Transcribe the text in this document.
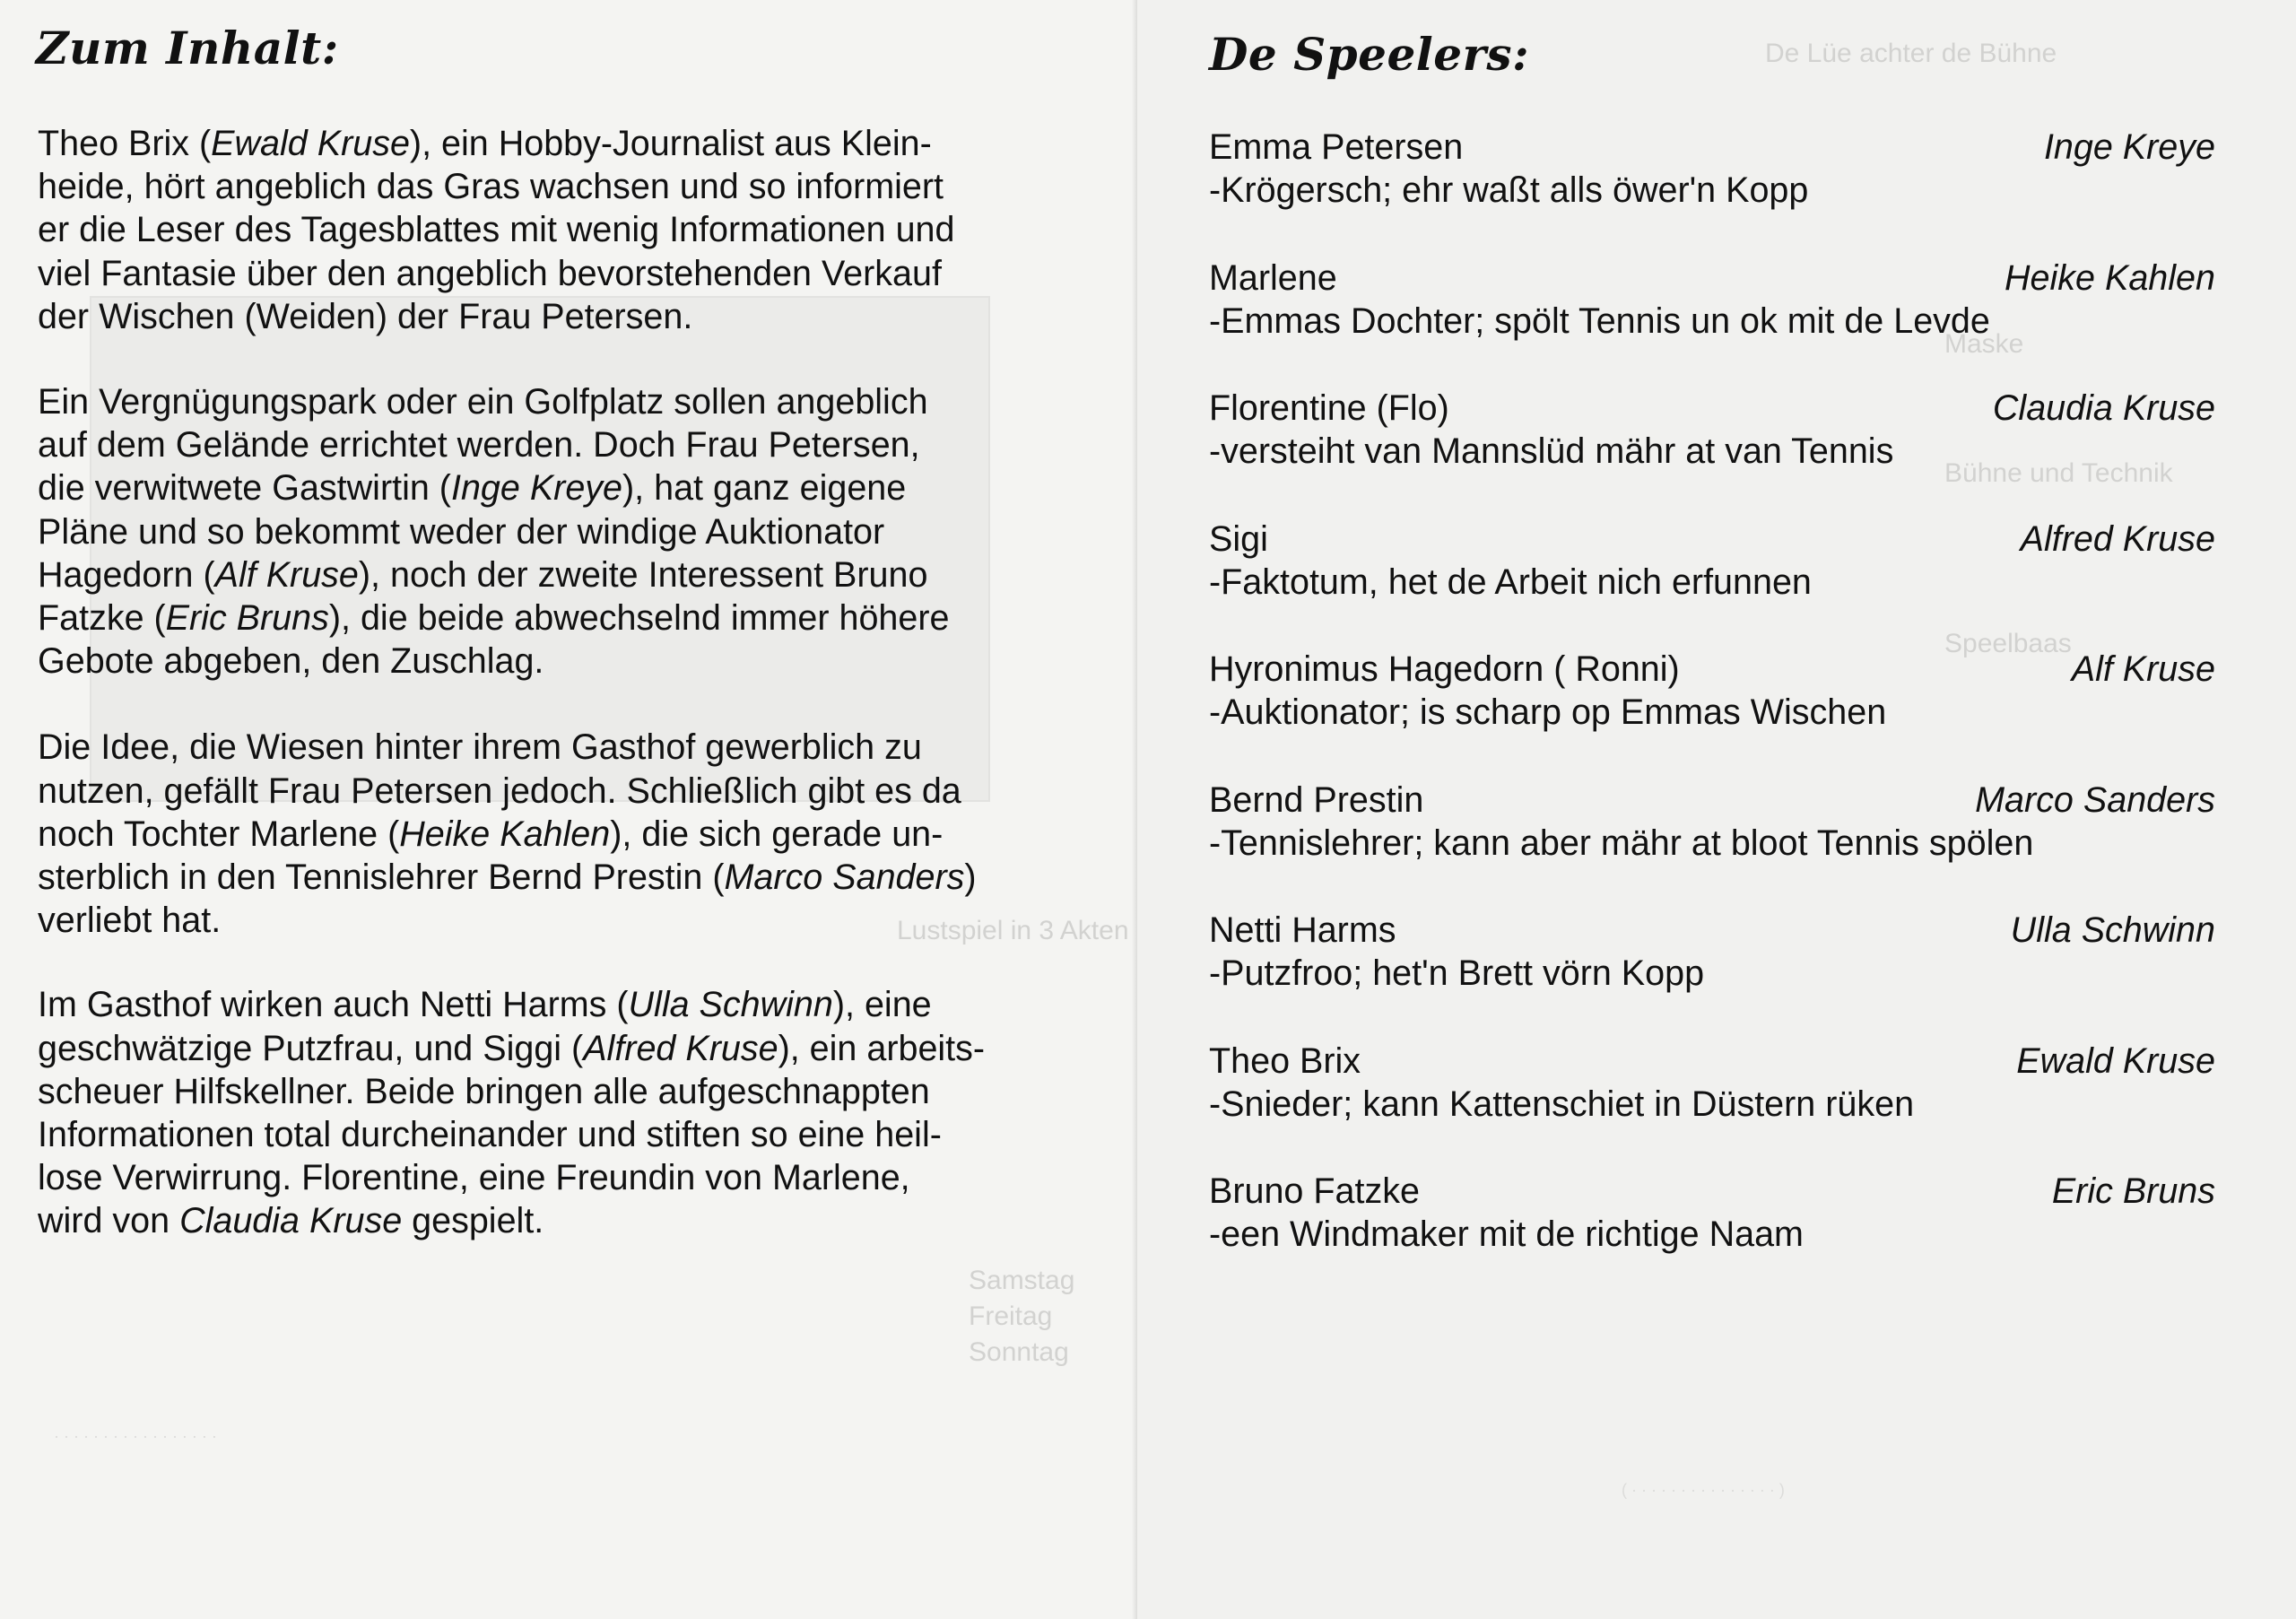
Lustspiel in 3 Akten
Samstag
Freitag
Sonntag
· · · · · · · · · · · · · · · · ·
Zum Inhalt:

Theo Brix (Ewald Kruse), ein Hobby-Journalist aus Klein-
heide, hört angeblich das Gras wachsen und so informiert
er die Leser des Tagesblattes mit wenig Informationen und
viel Fantasie über den angeblich bevorstehenden Verkauf
der Wischen (Weiden) der Frau Petersen.

Ein Vergnügungspark oder ein Golfplatz sollen angeblich
auf dem Gelände errichtet werden. Doch Frau Petersen,
die verwitwete Gastwirtin (Inge Kreye), hat ganz eigene
Pläne und so bekommt weder der windige Auktionator
Hagedorn (Alf Kruse), noch der zweite Interessent Bruno
Fatzke (Eric Bruns), die beide abwechselnd immer höhere
Gebote abgeben, den Zuschlag.

Die Idee, die Wiesen hinter ihrem Gasthof gewerblich zu
nutzen, gefällt Frau Petersen jedoch. Schließlich gibt es da
noch Tochter Marlene (Heike Kahlen), die sich gerade un-
sterblich in den Tennislehrer Bernd Prestin (Marco Sanders)
verliebt hat.

Im Gasthof wirken auch Netti Harms (Ulla Schwinn), eine
geschwätzige Putzfrau, und Siggi (Alfred Kruse), ein arbeits-
scheuer Hilfskellner. Beide bringen alle aufgeschnappten
Informationen total durcheinander und stiften so eine heil-
lose Verwirrung. Florentine, eine Freundin von Marlene,
wird von Claudia Kruse gespielt.

De Lüe achter de Bühne
Maske
Bühne und Technik
Speelbaas
( · · · · · · · · · · · · · · · )
De Speelers:
Emma Petersen	Inge Kreye
-Krögersch; ehr waßt alls öwer'n Kopp
Marlene	Heike Kahlen
-Emmas Dochter; spölt Tennis un ok mit de Levde
Florentine (Flo)	Claudia Kruse
-versteiht van Mannslüd mähr at van Tennis
Sigi	Alfred Kruse
-Faktotum, het de Arbeit nich erfunnen
Hyronimus Hagedorn ( Ronni)	Alf Kruse
-Auktionator; is scharp op Emmas Wischen
Bernd Prestin	Marco Sanders
-Tennislehrer; kann aber mähr at bloot Tennis spölen
Netti Harms	Ulla Schwinn
-Putzfroo; het'n Brett vörn Kopp
Theo Brix	Ewald Kruse
-Snieder; kann Kattenschiet in Düstern rüken
Bruno Fatzke	Eric Bruns
-een Windmaker mit de richtige Naam
